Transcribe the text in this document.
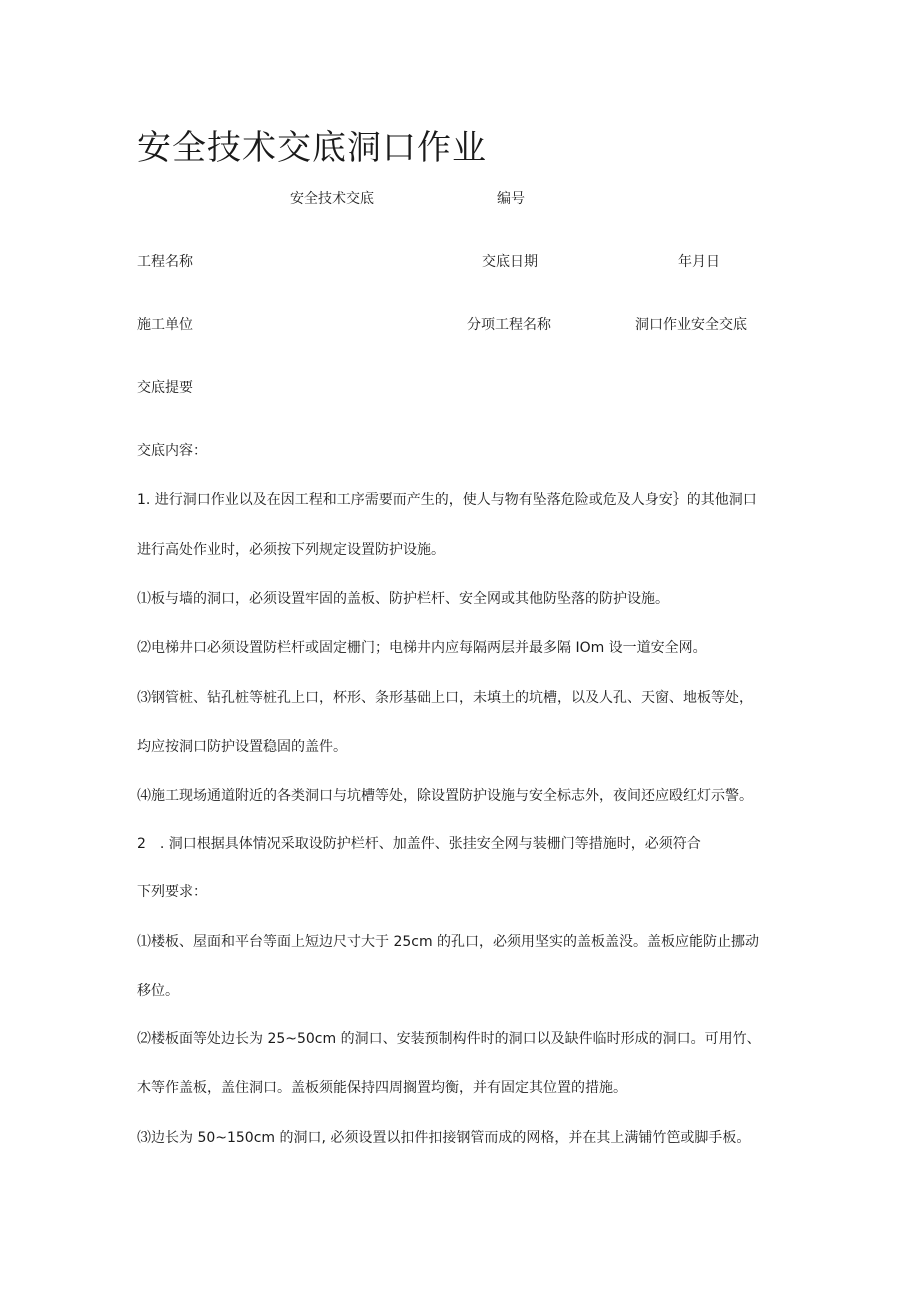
安全技术交底洞口作业
安全技术交底	编号
工程名称	交底日期	年月日
施工单位	分项工程名称	洞口作业安全交底
交底提要
交底内容：
1. 进行洞口作业以及在因工程和工序需要而产生的，使人与物有坠落危险或危及人身安｝的其他洞口
进行高处作业时，必须按下列规定设置防护设施。
⑴板与墙的洞口，必须设置牢固的盖板、防护栏杆、安全网或其他防坠落的防护设施。
⑵电梯井口必须设置防栏杆或固定栅门；电梯井内应每隔两层并最多隔 IOm 设一道安全网。
⑶钢管桩、钻孔桩等桩孔上口，杯形、条形基础上口，未填土的坑槽，以及人孔、天窗、地板等处，
均应按洞口防护设置稳固的盖件。
⑷施工现场通道附近的各类洞口与坑槽等处，除设置防护设施与安全标志外，夜间还应殴红灯示警。
2　. 洞口根据具体情况采取设防护栏杆、加盖件、张挂安全网与装栅门等措施时，必须符合
下列要求：
⑴楼板、屋面和平台等面上短边尺寸大于 25cm 的孔口，必须用坚实的盖板盖没。盖板应能防止挪动
移位。
⑵楼板面等处边长为 25~50cm 的洞口、安装预制构件时的洞口以及缺件临时形成的洞口。可用竹、
木等作盖板，盖住洞口。盖板须能保持四周搁置均衡，并有固定其位置的措施。
⑶边长为 50~150cm 的洞口, 必须设置以扣件扣接钢管而成的网格，并在其上满铺竹笆或脚手板。
